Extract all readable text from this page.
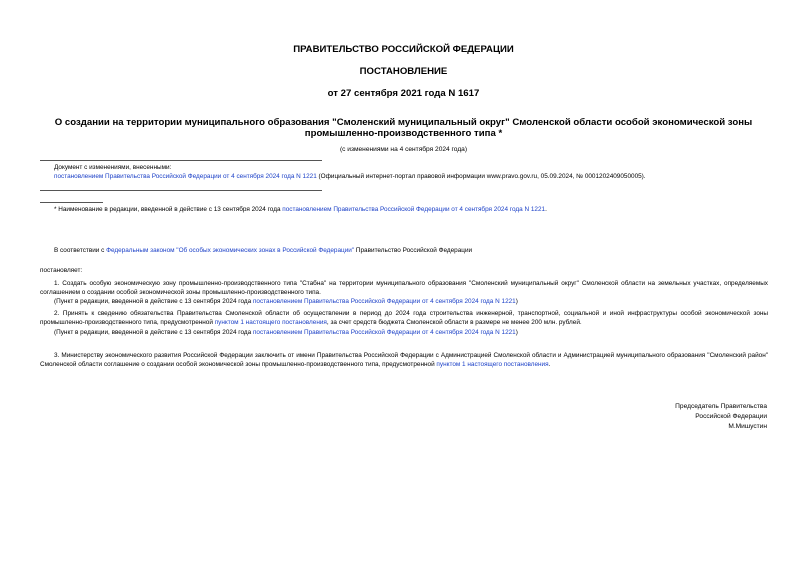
ПРАВИТЕЛЬСТВО РОССИЙСКОЙ ФЕДЕРАЦИИ
ПОСТАНОВЛЕНИЕ
от 27 сентября 2021 года N 1617
О создании на территории муниципального образования "Смоленский муниципальный округ" Смоленской области особой экономической зоны промышленно-производственного типа *
(с изменениями на 4 сентября 2024 года)
Документ с изменениями, внесенными:
постановлением Правительства Российской Федерации от 4 сентября 2024 года N 1221 (Официальный интернет-портал правовой информации www.pravo.gov.ru, 05.09.2024, № 0001202409050005).
* Наименование в редакции, введенной в действие с 13 сентября 2024 года постановлением Правительства Российской Федерации от 4 сентября 2024 года N 1221.
В соответствии с Федеральным законом "Об особых экономических зонах в Российской Федерации" Правительство Российской Федерации
постановляет:
1. Создать особую экономическую зону промышленно-производственного типа "Стабна" на территории муниципального образования "Смоленский муниципальный округ" Смоленской области на земельных участках, определяемых соглашением о создании особой экономической зоны промышленно-производственного типа.
(Пункт в редакции, введенной в действие с 13 сентября 2024 года постановлением Правительства Российской Федерации от 4 сентября 2024 года N 1221)
2. Принять к сведению обязательства Правительства Смоленской области об осуществлении в период до 2024 года строительства инженерной, транспортной, социальной и иной инфраструктуры особой экономической зоны промышленно-производственного типа, предусмотренной пунктом 1 настоящего постановления, за счет средств бюджета Смоленской области в размере не менее 200 млн. рублей.
(Пункт в редакции, введенной в действие с 13 сентября 2024 года постановлением Правительства Российской Федерации от 4 сентября 2024 года N 1221)
3. Министерству экономического развития Российской Федерации заключить от имени Правительства Российской Федерации с Администрацией Смоленской области и Администрацией муниципального образования "Смоленский район" Смоленской области соглашение о создании особой экономической зоны промышленно-производственного типа, предусмотренной пунктом 1 настоящего постановления.
Председатель Правительства
Российской Федерации
М.Мишустин
